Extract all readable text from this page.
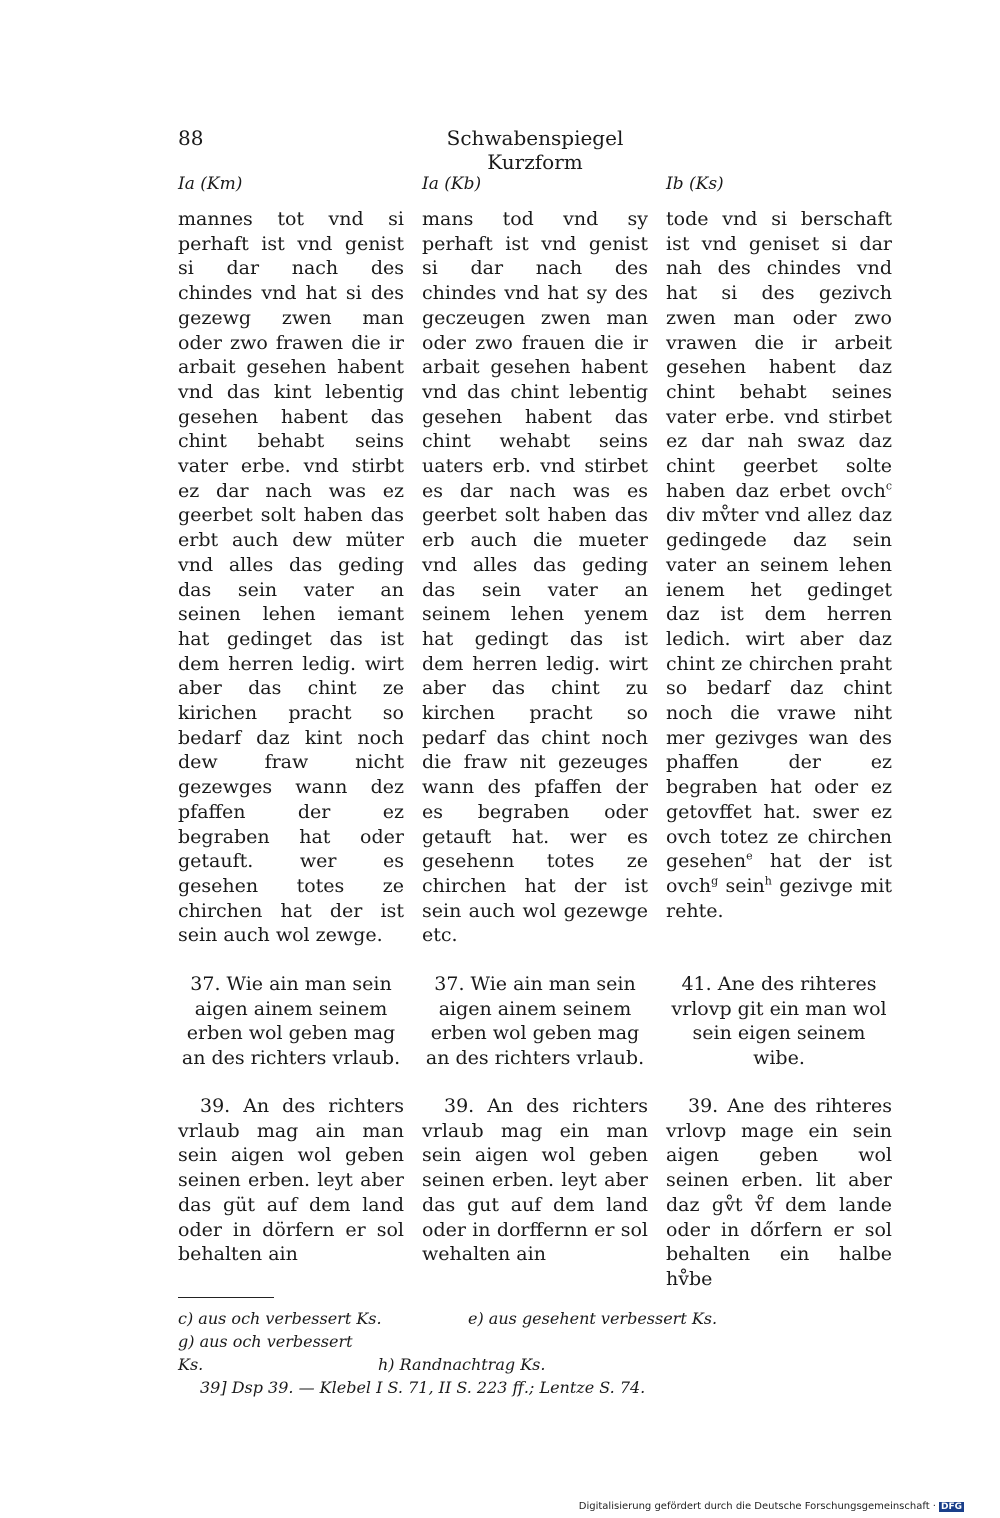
88	Schwabenspiegel Kurzform
Ia (Km)	Ia (Kb)	Ib (Ks)

mannes tot vnd si perhaft ist vnd genist si dar nach des chindes vnd hat si des gezewg zwen man oder zwo frawen die ir arbait gesehen habent vnd das kint lebentig gesehen habent das chint behabt seins vater erbe. vnd stirbt ez dar nach was ez geerbet solt haben das erbt auch dew müter vnd alles das geding das sein vater an seinen lehen iemant hat gedinget das ist dem herren ledig. wirt aber das chint ze kirichen pracht so bedarf daz kint noch dew fraw nicht gezewges wann dez pfaffen der ez begraben hat oder getauft. wer es gesehen totes ze chirchen hat der ist sein auch wol zewge.

37. Wie ain man sein aigen ainem seinem erben wol geben mag an des richters vrlaub.

39. An des richters vrlaub mag ain man sein aigen wol geben seinen erben. leyt aber das güt auf dem land oder in dörfern er sol behalten ain

mans tod vnd sy perhaft ist vnd genist si dar nach des chindes vnd hat sy des geczeugen zwen man oder zwo frauen die ir arbait gesehen habent vnd das chint lebentig gesehen habent das chint wehabt seins uaters erb. vnd stirbet es dar nach was es geerbet solt haben das erb auch die mueter vnd alles das geding das sein vater an seinem lehen yenem hat gedingt das ist dem herren ledig. wirt aber das chint zu kirchen pracht so pedarf das chint noch die fraw nit gezeuges wann des pfaffen der es begraben oder getauft hat. wer es gesehenn totes ze chirchen hat der ist sein auch wol gezewge etc.

37. Wie ain man sein aigen ainem seinem erben wol geben mag an des richters vrlaub.

39. An des richters vrlaub mag ein man sein aigen wol geben seinen erben. leyt aber das gut auf dem land oder in dorffernn er sol wehalten ain

tode vnd si berschaft ist vnd geniset si dar nah des chindes vnd hat si des gezivch zwen man oder zwo vrawen die ir arbeit gesehen habent daz chint behabt seines vater erbe. vnd stirbet ez dar nah swaz daz chint geerbet solte haben daz erbet ovch$^c$ div mv̊ter vnd allez daz gedingede daz sein vater an seinem lehen ienem het gedinget daz ist dem herren ledich. wirt aber daz chint ze chirchen praht so bedarf daz chint noch die vrawe niht mer gezivges wan des phaffen der ez begraben hat oder ez getovffet hat. swer ez ovch totez ze chirchen gesehen$^e$ hat der ist ovch$^g$ sein$^h$ gezivge mit rehte.

41. Ane des rihteres vrlovp git ein man wol sein eigen seinem wibe.

39. Ane des rihteres vrlovp mage ein sein aigen geben wol seinen erben. lit aber daz gv̊t v̊f dem lande oder in dőrfern er sol behalten ein halbe hv̊be

c) aus och verbessert Ks.	e) aus gesehent verbessert Ks.
g) aus och verbessert Ks.	h) Randnachtrag Ks.
39] Dsp 39. — Klebel I S. 71, II S. 223 ff.; Lentze S. 74.
Digitalisierung gefördert durch die Deutsche Forschungsgemeinschaft · DFG
